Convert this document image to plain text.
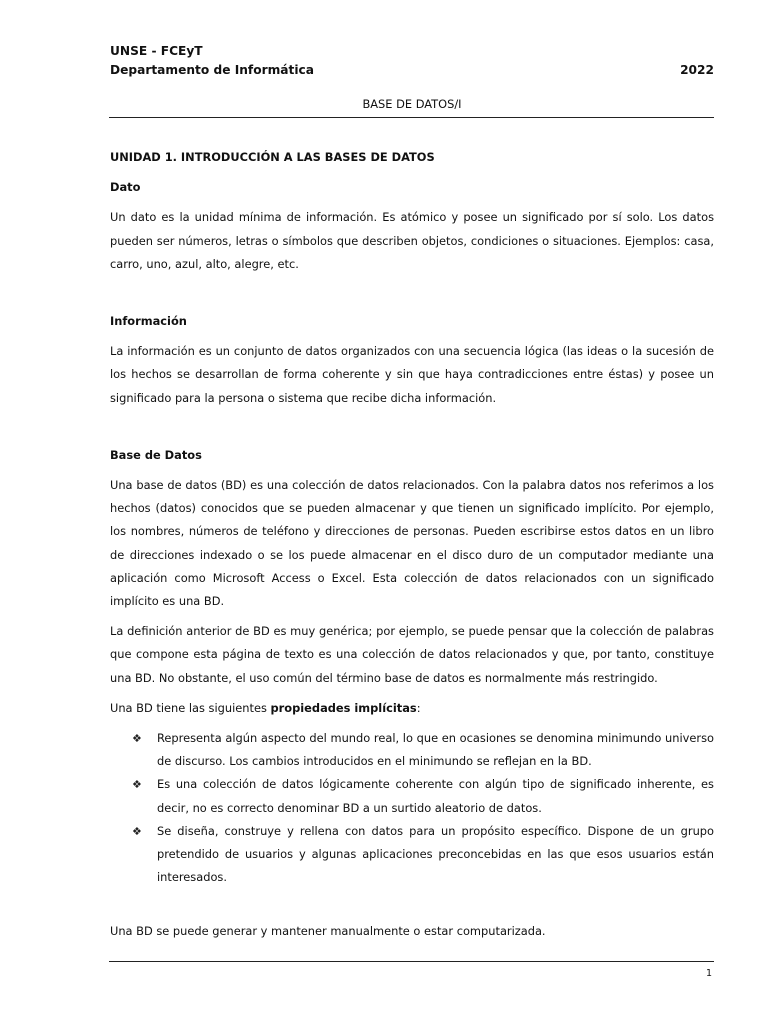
UNSE - FCEyT
Departamento de Informática	2022
BASE DE DATOS/I
UNIDAD 1. INTRODUCCIÓN A LAS BASES DE DATOS
Dato

Un dato es la unidad mínima de información. Es atómico y posee un significado por sí solo. Los datos pueden ser números, letras o símbolos que describen objetos, condiciones o situaciones. Ejemplos: casa, carro, uno, azul, alto, alegre, etc.

Información

La información es un conjunto de datos organizados con una secuencia lógica (las ideas o la sucesión de los hechos se desarrollan de forma coherente y sin que haya contradicciones entre éstas) y posee un significado para la persona o sistema que recibe dicha información.

Base de Datos

Una base de datos (BD) es una colección de datos relacionados. Con la palabra datos nos referimos a los hechos (datos) conocidos que se pueden almacenar y que tienen un significado implícito. Por ejemplo, los nombres, números de teléfono y direcciones de personas. Pueden escribirse estos datos en un libro de direcciones indexado o se los puede almacenar en el disco duro de un computador mediante una aplicación como Microsoft Access o Excel. Esta colección de datos relacionados con un significado implícito es una BD.

La definición anterior de BD es muy genérica; por ejemplo, se puede pensar que la colección de palabras que compone esta página de texto es una colección de datos relacionados y que, por tanto, constituye una BD. No obstante, el uso común del término base de datos es normalmente más restringido.

Una BD tiene las siguientes propiedades implícitas:

❖ Representa algún aspecto del mundo real, lo que en ocasiones se denomina minimundo universo de discurso. Los cambios introducidos en el minimundo se reflejan en la BD.
❖ Es una colección de datos lógicamente coherente con algún tipo de significado inherente, es decir, no es correcto denominar BD a un surtido aleatorio de datos.
❖ Se diseña, construye y rellena con datos para un propósito específico. Dispone de un grupo pretendido de usuarios y algunas aplicaciones preconcebidas en las que esos usuarios están interesados.

Una BD se puede generar y mantener manualmente o estar computarizada.

1
